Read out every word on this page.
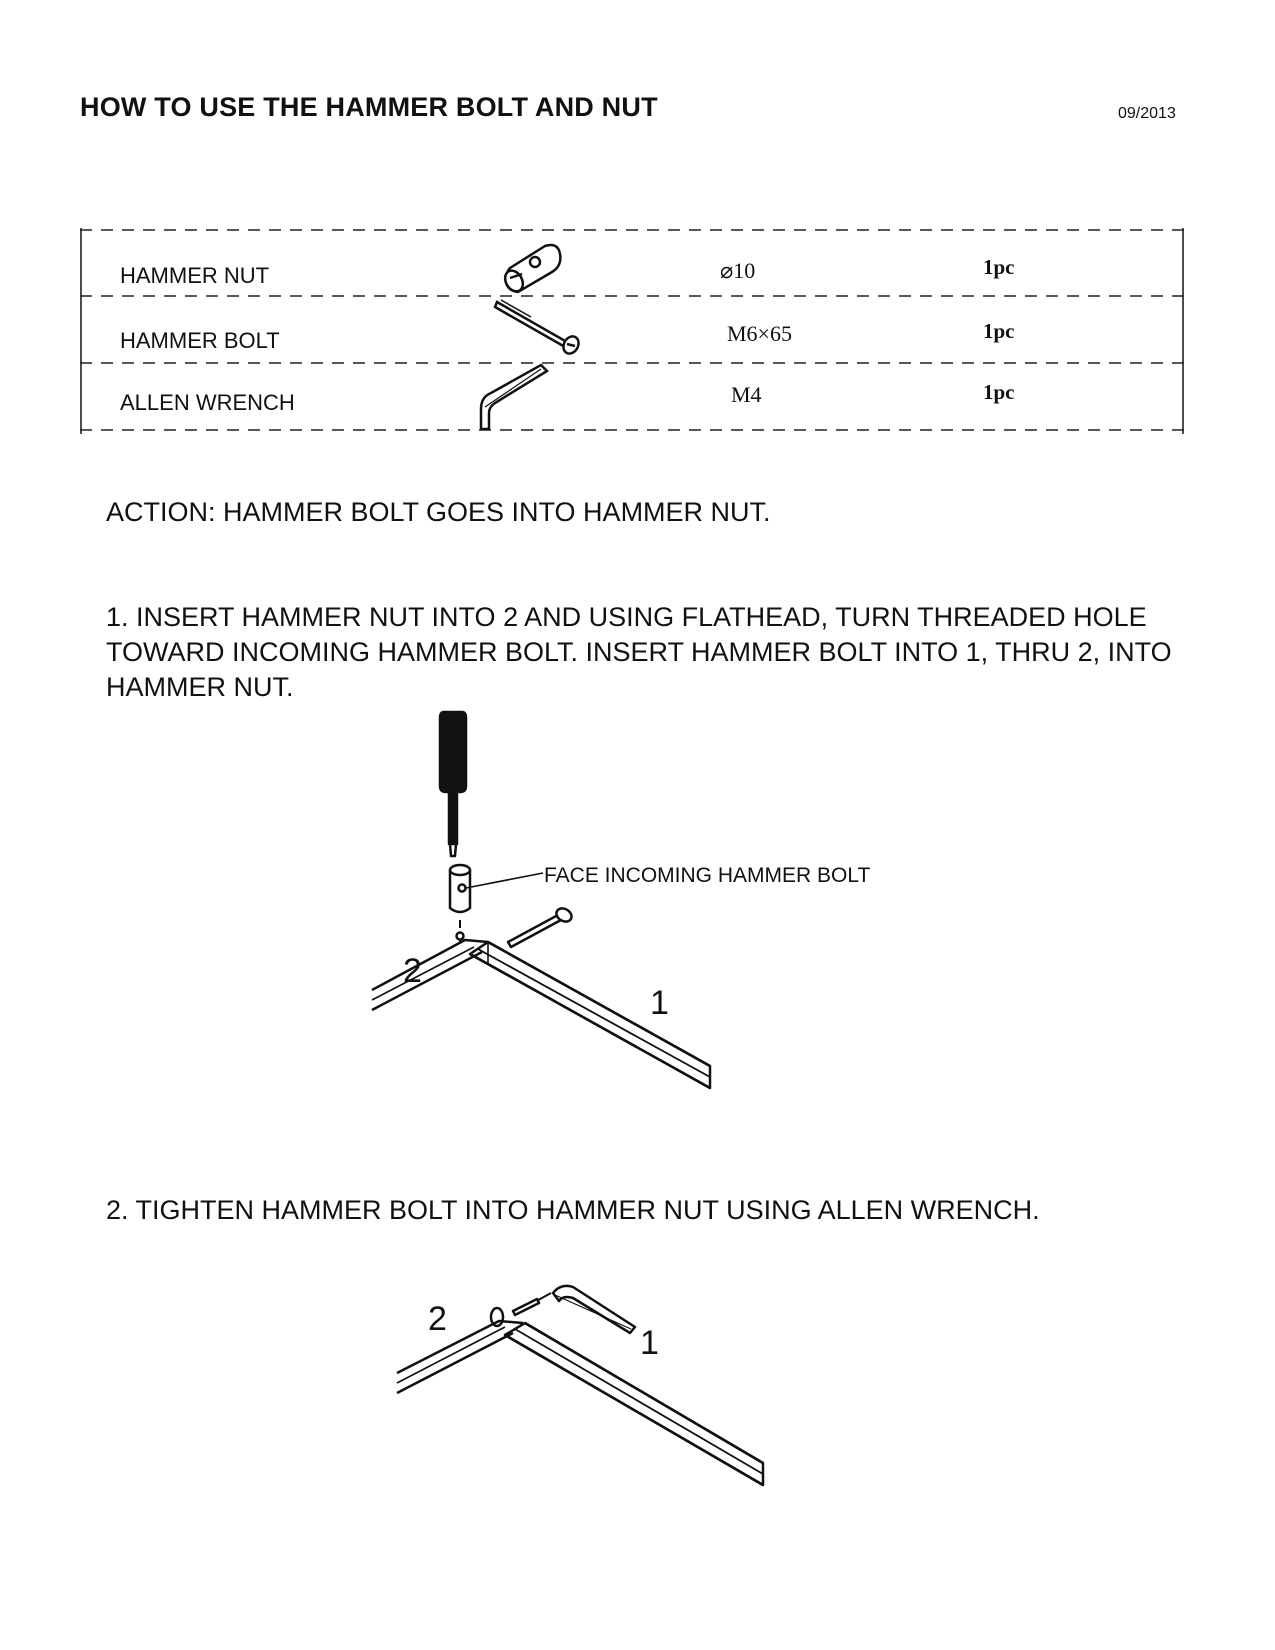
HOW TO USE THE HAMMER BOLT AND NUT	09/2013
HAMMER NUT	⌀10	1pc
HAMMER BOLT	M6×65	1pc
ALLEN WRENCH	M4	1pc
ACTION: HAMMER BOLT GOES INTO HAMMER NUT.
1. INSERT HAMMER NUT INTO 2 AND USING FLATHEAD, TURN THREADED HOLE TOWARD INCOMING HAMMER BOLT. INSERT HAMMER BOLT INTO 1, THRU 2, INTO HAMMER NUT.
FACE INCOMING HAMMER BOLT
2
1
2. TIGHTEN HAMMER BOLT INTO HAMMER NUT USING ALLEN WRENCH.
2
1
